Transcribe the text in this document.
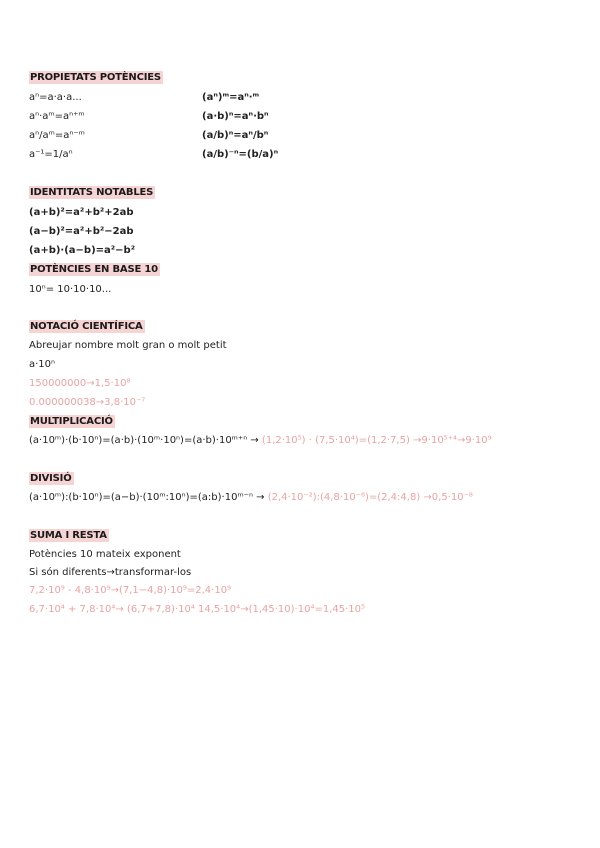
PROPIETATS POTÈNCIES
aⁿ=a·a·a...	(aⁿ)ᵐ=aⁿ·ᵐ
aⁿ·aᵐ=aⁿ⁺ᵐ	(a·b)ⁿ=aⁿ·bⁿ
aⁿ/aᵐ=aⁿ⁻ᵐ	(a/b)ⁿ=aⁿ/bⁿ
a⁻¹=1/aⁿ	(a/b)⁻ⁿ=(b/a)ⁿ
IDENTITATS NOTABLES
(a+b)²=a²+b²+2ab
(a−b)²=a²+b²−2ab
(a+b)·(a−b)=a²−b²
POTÈNCIES EN BASE 10
10ⁿ= 10·10·10...
NOTACIÓ CIENTÍFICA
Abreujar nombre molt gran o molt petit
a·10ⁿ
150000000→1,5·10⁸
0.000000038→3,8·10⁻⁷
MULTIPLICACIÓ
(a·10ᵐ)·(b·10ⁿ)=(a·b)·(10ᵐ·10ⁿ)=(a·b)·10ᵐ⁺ⁿ → (1,2·10⁵) · (7,5·10⁴)=(1,2·7,5) →9·10⁵⁺⁴→9·10⁹
DIVISIÓ
(a·10ᵐ):(b·10ⁿ)=(a−b)·(10ᵐ:10ⁿ)=(a:b)·10ᵐ⁻ⁿ → (2,4·10⁻²):(4,8·10⁻⁶)=(2,4:4,8) →0,5·10⁻⁸
SUMA I RESTA
Potències 10 mateix exponent
Si són diferents→transformar-los
7,2·10⁹ - 4,8·10⁹→(7,1−4,8)·10⁹=2,4·10⁹
6,7·10⁴ + 7,8·10⁴→ (6,7+7,8)·10⁴ 14,5·10⁴→(1,45·10)·10⁴=1,45·10⁵
